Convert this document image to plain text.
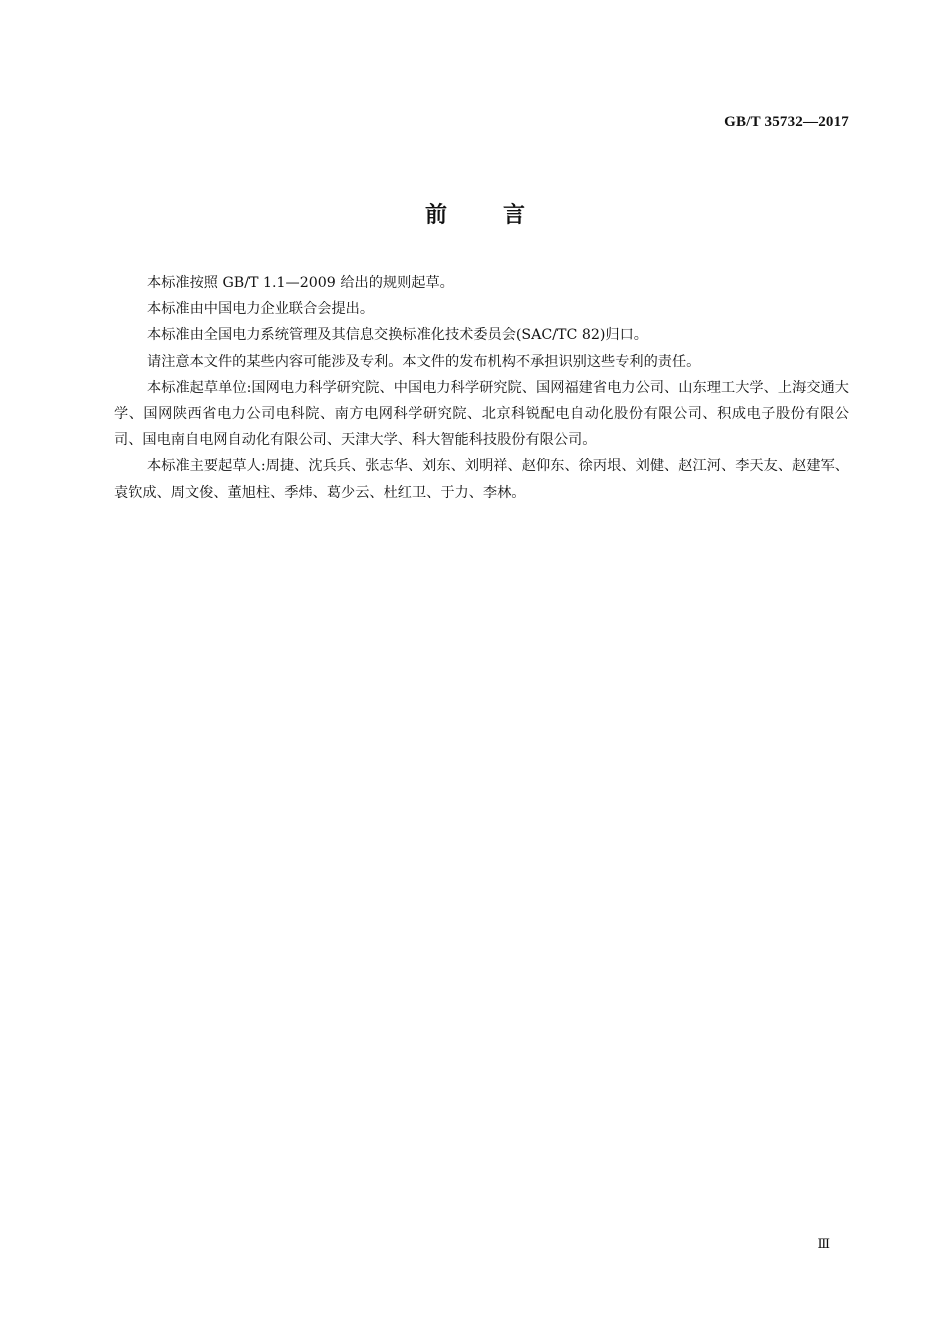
GB/T 35732—2017
前言

本标准按照 GB/T 1.1—2009 给出的规则起草。

本标准由中国电力企业联合会提出。

本标准由全国电力系统管理及其信息交换标准化技术委员会(SAC/TC 82)归口。

请注意本文件的某些内容可能涉及专利。本文件的发布机构不承担识别这些专利的责任。

本标准起草单位:国网电力科学研究院、中国电力科学研究院、国网福建省电力公司、山东理工大学、上海交通大学、国网陕西省电力公司电科院、南方电网科学研究院、北京科锐配电自动化股份有限公司、积成电子股份有限公司、国电南自电网自动化有限公司、天津大学、科大智能科技股份有限公司。

本标准主要起草人:周捷、沈兵兵、张志华、刘东、刘明祥、赵仰东、徐丙垠、刘健、赵江河、李天友、赵建军、袁钦成、周文俊、董旭柱、季炜、葛少云、杜红卫、于力、李林。

Ⅲ
